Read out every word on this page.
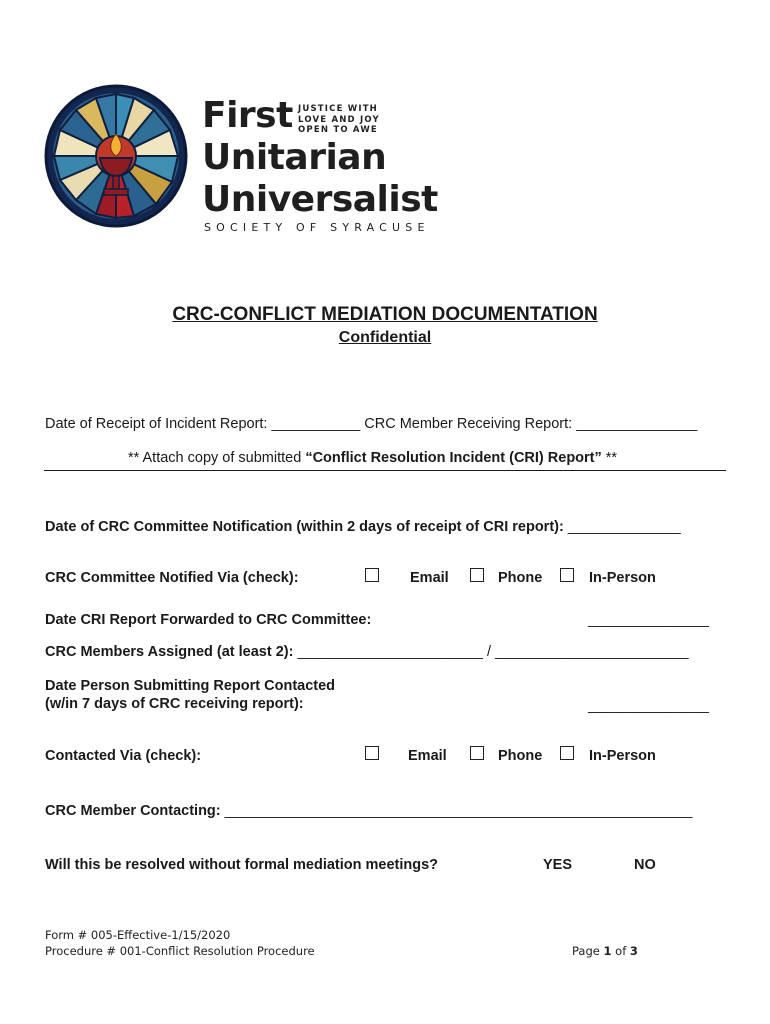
First JUSTICE WITH
LOVE AND JOY
OPEN TO AWE
Unitarian
Universalist
SOCIETY OF SYRACUSE
CRC-CONFLICT MEDIATION DOCUMENTATION
Confidential
Date of Receipt of Incident Report: ___________ CRC Member Receiving Report: _______________
** Attach copy of submitted “Conflict Resolution Incident (CRI) Report” **
Date of CRC Committee Notification (within 2 days of receipt of CRI report): ______________
CRC Committee Notified Via (check):	Email	Phone	In-Person
Date CRI Report Forwarded to CRC Committee:	_______________
CRC Members Assigned (at least 2): _______________________ / ________________________
Date Person Submitting Report Contacted
(w/in 7 days of CRC receiving report):	_______________
Contacted Via (check):	Email	Phone	In-Person
CRC Member Contacting: __________________________________________________________
Will this be resolved without formal mediation meetings?	YES	NO
Form # 005-Effective-1/15/2020
Procedure # 001-Conflict Resolution Procedure	Page 1 of 3
